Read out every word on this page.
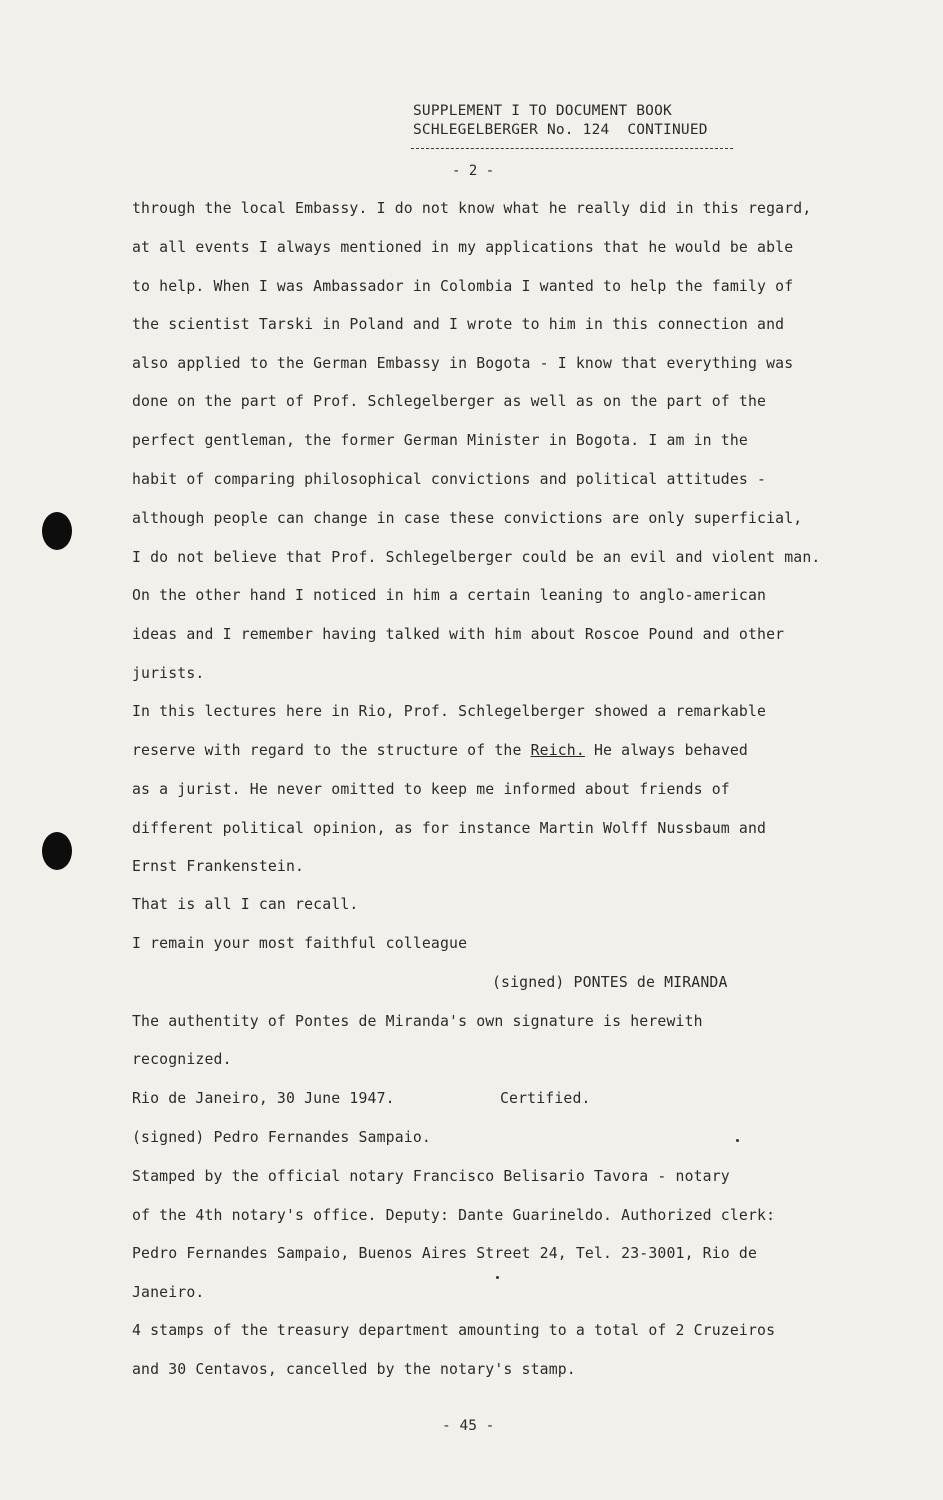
SUPPLEMENT I TO DOCUMENT BOOK
SCHLEGELBERGER No. 124  CONTINUED
- 2 -
through the local Embassy. I do not know what he really did in this regard,
at all events I always mentioned in my applications that he would be able
to help. When I was Ambassador in Colombia I wanted to help the family of
the scientist Tarski in Poland and I wrote to him in this connection and
also applied to the German Embassy in Bogota - I know that everything was
done on the part of Prof. Schlegelberger as well as on the part of the
perfect gentleman, the former German Minister in Bogota. I am in the
habit of comparing philosophical convictions and political attitudes -
although people can change in case these convictions are only superficial,
I do not believe that Prof. Schlegelberger could be an evil and violent man.
On the other hand I noticed in him a certain leaning to anglo-american
ideas and I remember having talked with him about Roscoe Pound and other
jurists.
In this lectures here in Rio, Prof. Schlegelberger showed a remarkable
reserve with regard to the structure of the Reich. He always behaved
as a jurist. He never omitted to keep me informed about friends of
different political opinion, as for instance Martin Wolff Nussbaum and
Ernst Frankenstein.
That is all I can recall.
I remain your most faithful colleague
(signed) PONTES de MIRANDA
The authentity of Pontes de Miranda's own signature is herewith
recognized.
Rio de Janeiro, 30 June 1947.	Certified.
(signed) Pedro Fernandes Sampaio.
Stamped by the official notary Francisco Belisario Tavora - notary
of the 4th notary's office. Deputy: Dante Guarineldo. Authorized clerk:
Pedro Fernandes Sampaio, Buenos Aires Street 24, Tel. 23-3001, Rio de
Janeiro.
4 stamps of the treasury department amounting to a total of 2 Cruzeiros
and 30 Centavos, cancelled by the notary's stamp.
- 45 -
